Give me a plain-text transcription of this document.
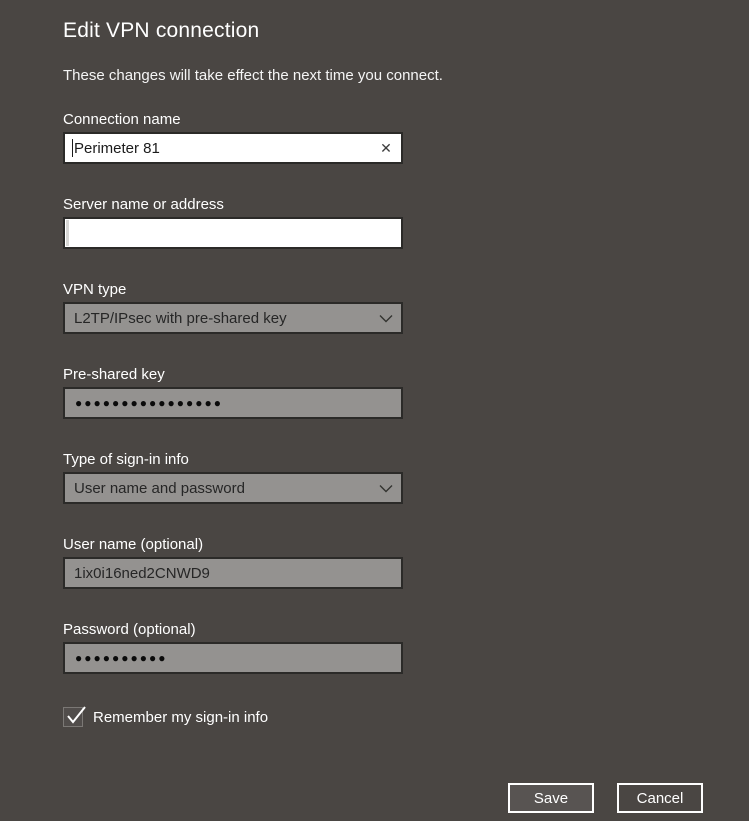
Edit VPN connection
These changes will take effect the next time you connect.
Connection name
Perimeter 81	✕
Server name or address
VPN type
L2TP/IPsec with pre-shared key
Pre-shared key
●●●●●●●●●●●●●●●●
Type of sign-in info
User name and password
User name (optional)
1ix0i16ned2CNWD9
Password (optional)
●●●●●●●●●●
Remember my sign-in info
Save	Cancel
